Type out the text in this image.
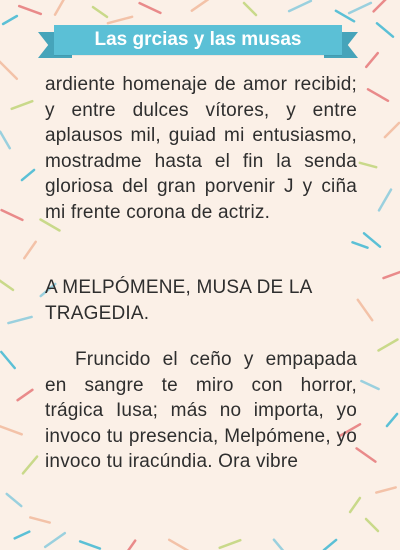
Las grcias y las musas

ardiente homenaje de amor recibid; y entre dulces vítores, y entre aplausos mil, guiad mi entusiasmo, mostradme hasta el fin la senda gloriosa del gran porvenir J y ciña mi frente corona de actriz.

A MELPÓMENE, MUSA DE LA TRAGEDIA.

Fruncido el ceño y empapada en sangre te miro con horror, trágica Iusa; más no importa, yo invoco tu presencia, Melpómene, yo invoco tu iracúndia. Ora vibre
